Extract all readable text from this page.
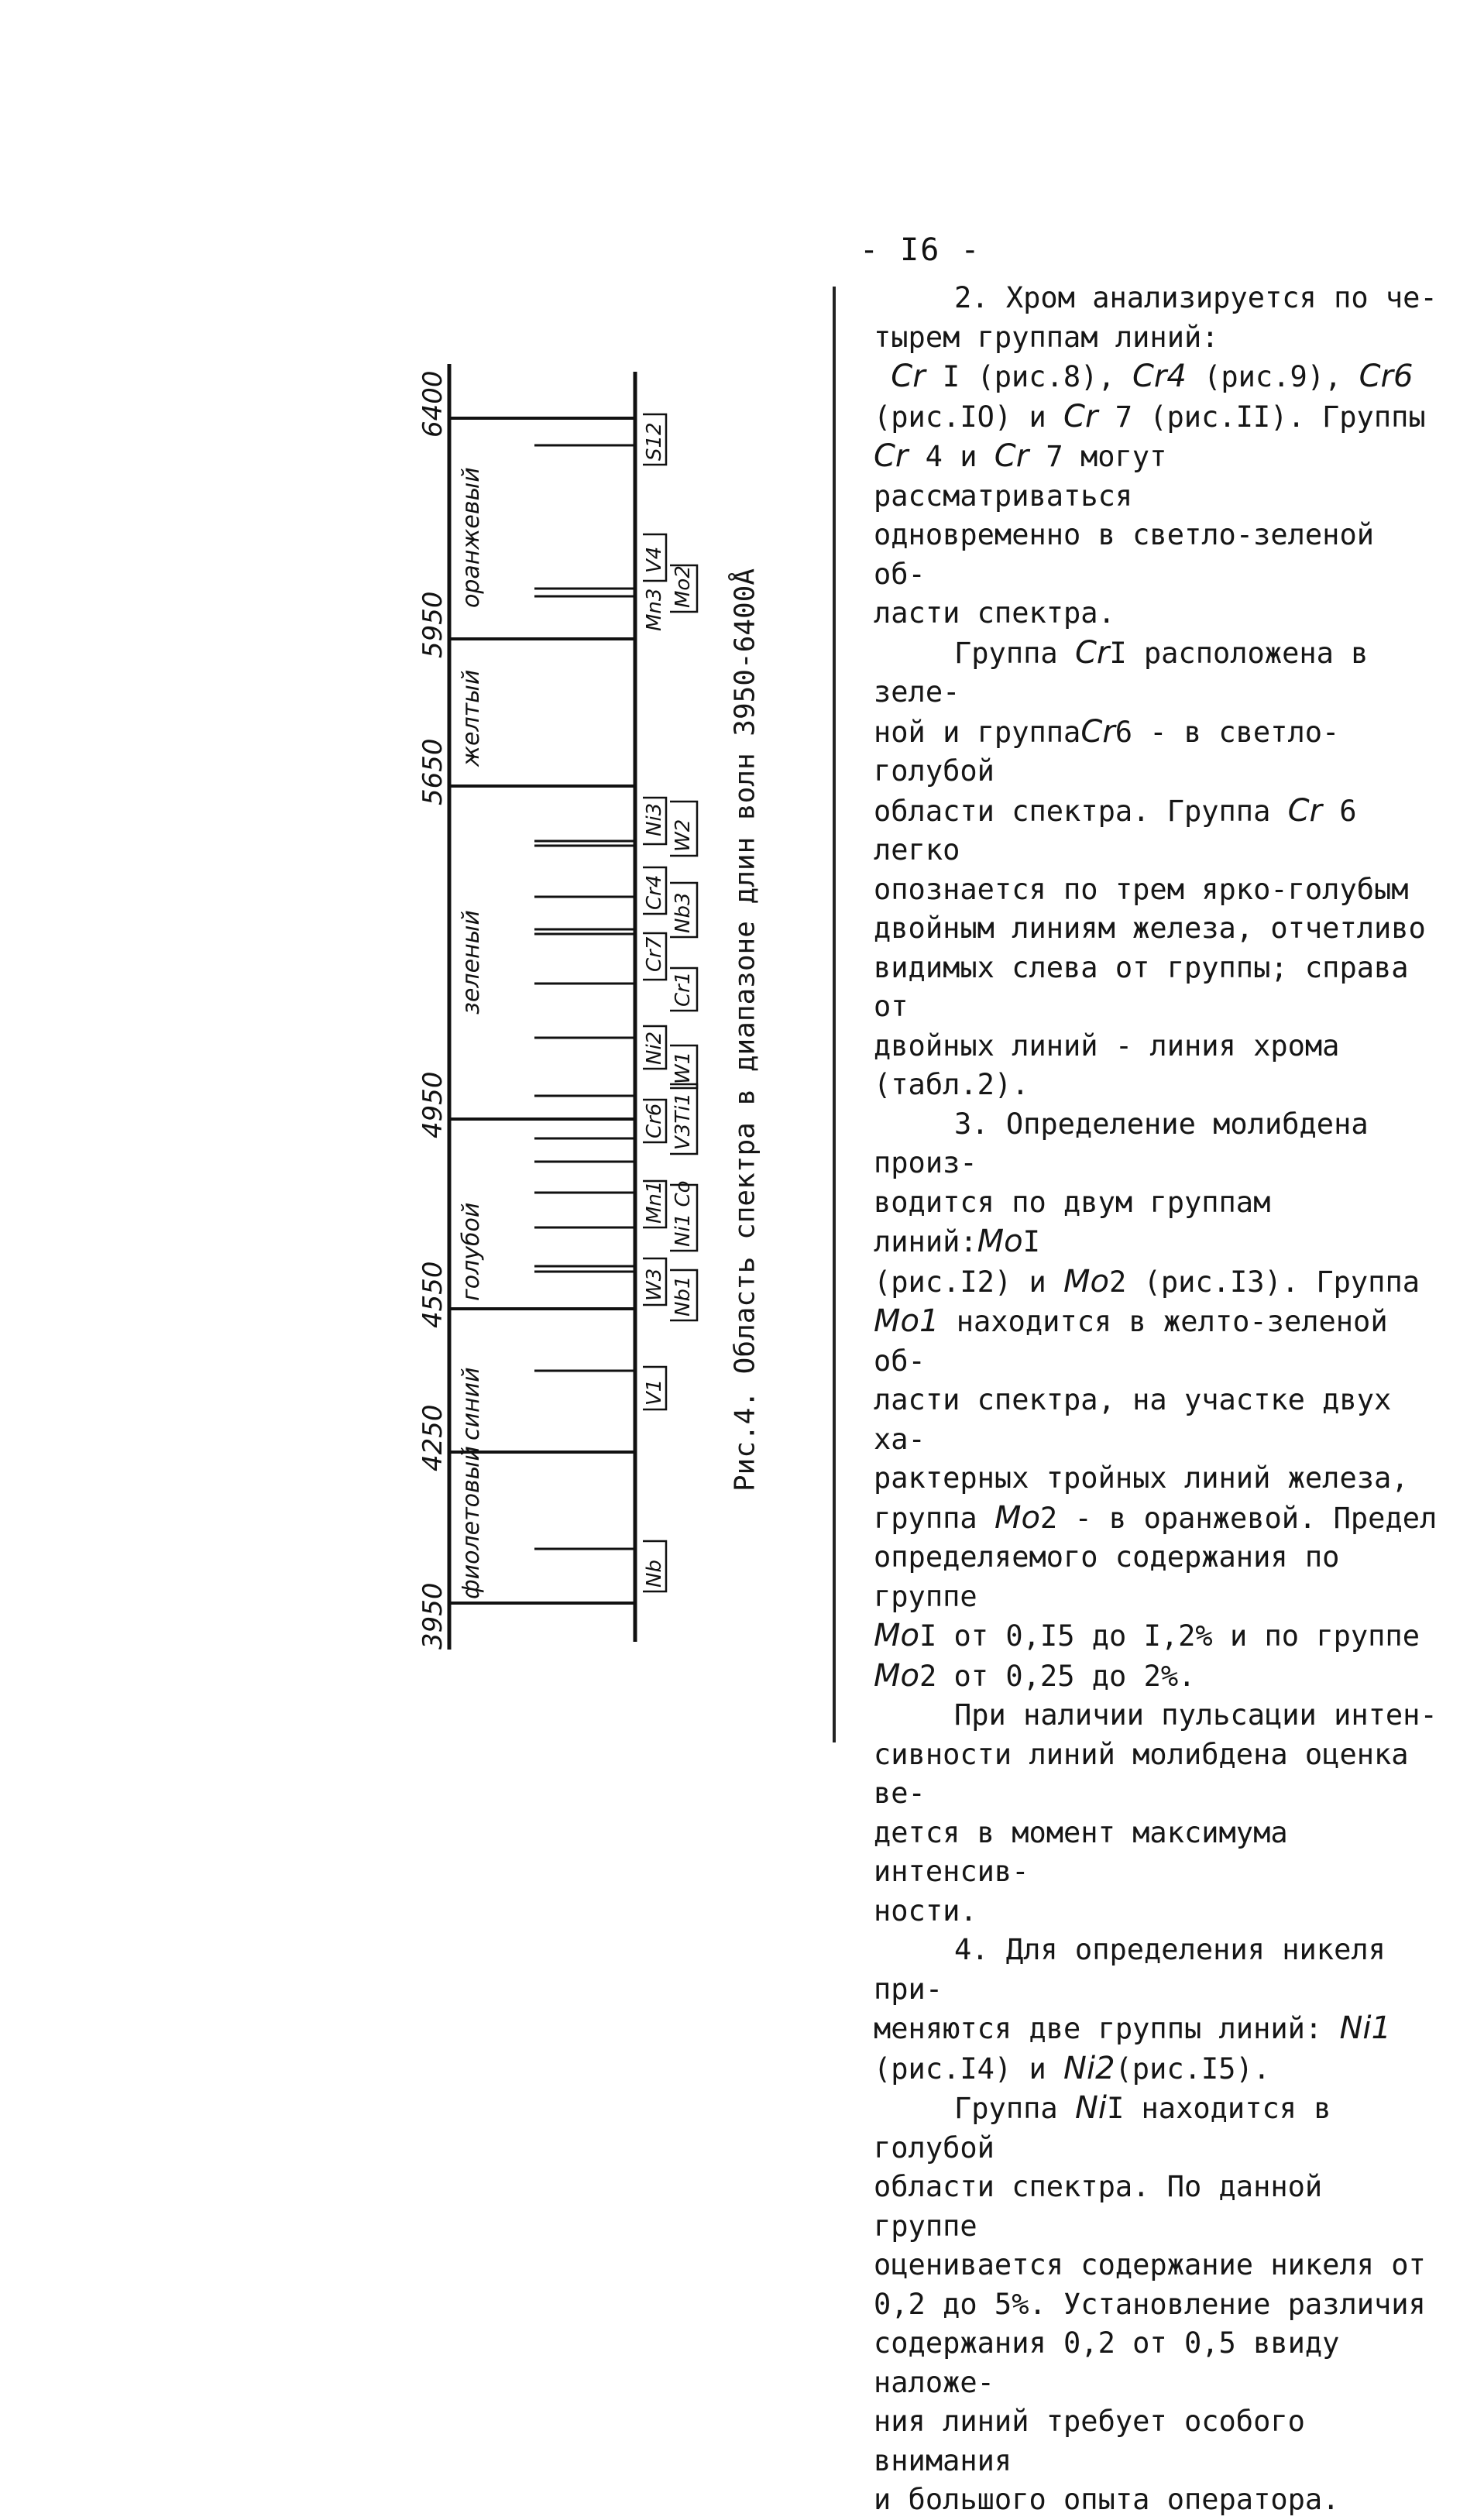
- I6 -
3950
4250
4550
4950
5650
5950
6400
фиолетовый
синий
голубой
зеленый
желтый
оранжевый
S12
V4
Mn3
Ni3 W2
Cr4
Nb3
Cr7
Cr1
Ni2
W1
Cr6 V3Ti1
Mn1 Ni1 Co
W3 Nb1
V1
Nb
Mo2 Рис.4. Область спектра в диапазоне длин волн 3950-6400Å

2. Хром анализируется по че-

тырем группам линий:

Cr I (рис.8), Cr4 (рис.9), Cr6

(рис.IO) и Cr 7 (рис.II). Группы

Cr 4 и Cr 7 могут рассматриваться

одновременно в светло-зеленой об-

ласти спектра.

Группа CrI расположена в зеле-

ной и группаCr6 - в светло-голубой

области спектра. Группа Cr 6 легко

опознается по трем ярко-голубым

двойным линиям железа, отчетливо

видимых слева от группы; справа от

двойных линий - линия хрома (табл.2).

3. Определение молибдена произ-

водится по двум группам линий:MoI

(рис.I2) и Mo2 (рис.I3). Группа

Mo1 находится в желто-зеленой об-

ласти спектра, на участке двух ха-

рактерных тройных линий железа,

группа Mo2 - в оранжевой. Предел

определяемого содержания по группе

MoI от 0,I5 до I,2% и по группе

Mo2 от 0,25 до 2%.

При наличии пульсации интен-

сивности линий молибдена оценка ве-

дется в момент максимума интенсив-

ности.

4. Для определения никеля при-

меняются две группы линий: Ni1

(рис.I4) и Ni2(рис.I5).

Группа NiI находится в голубой

области спектра. По данной группе

оценивается содержание никеля от

0,2 до 5%. Установление различия

содержания 0,2 от 0,5 ввиду наложе-

ния линий требует особого внимания

и большого опыта оператора.
